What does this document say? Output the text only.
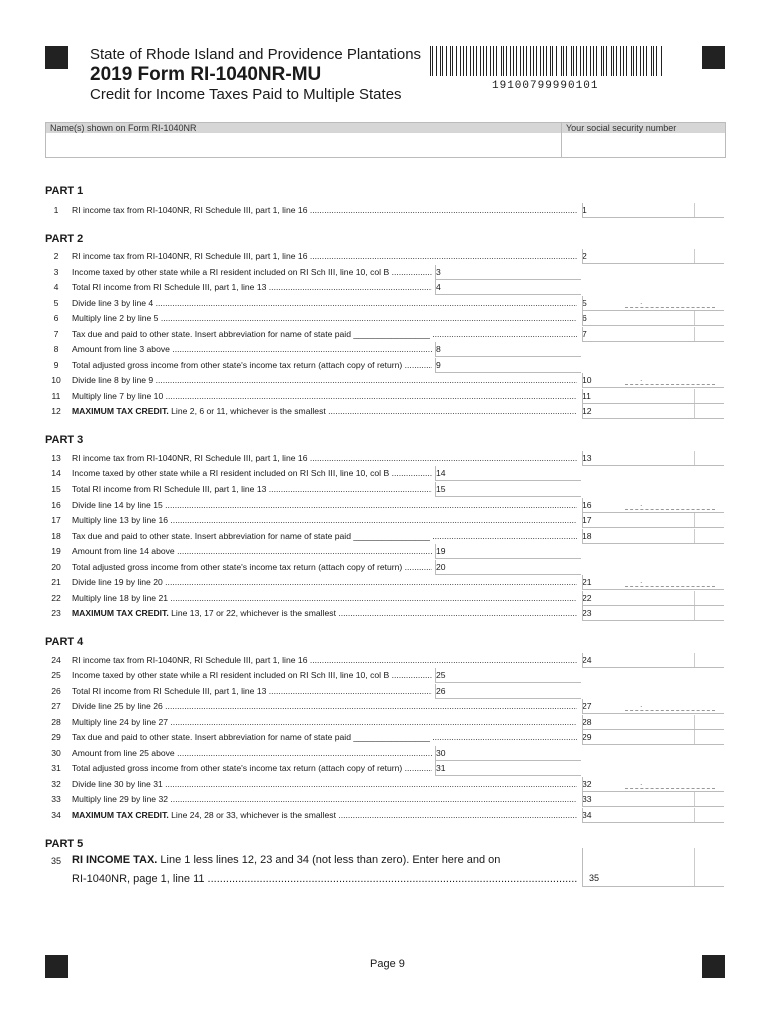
State of Rhode Island and Providence Plantations
2019 Form RI-1040NR-MU
Credit for Income Taxes Paid to Multiple States	19100799990101
Name(s) shown on Form RI-1040NR	Your social security number
PART 1
PART 2
PART 3
PART 4
PART 5
1	RI income tax from RI-1040NR, RI Schedule III, part 1, line 16 .....	1
2	RI income tax from RI-1040NR, RI Schedule III, part 1, line 16 .....	2
3	Income taxed by other state while a RI resident included on RI Sch III, line 10, col B .....	3
4	Total RI income from RI Schedule III, part 1, line 13 .....	4
5	Divide line 3 by line 4 .....	5	.
6	Multiply line 2 by line 5 .....	6
7	Tax due and paid to other state. Insert abbreviation for name of state paid ________________ .....	7
8	Amount from line 3 above .....	8
9	Total adjusted gross income from other state's income tax return (attach copy of return) .....	9
10	Divide line 8 by line 9 .....	10	.
11	Multiply line 7 by line 10 .....	11
12	MAXIMUM TAX CREDIT. Line 2, 6 or 11, whichever is the smallest .....	12
13	RI income tax from RI-1040NR, RI Schedule III, part 1, line 16 .....	13
14	Income taxed by other state while a RI resident included on RI Sch III, line 10, col B .....	14
15	Total RI income from RI Schedule III, part 1, line 13 .....	15
16	Divide line 14 by line 15 .....	16	.
17	Multiply line 13 by line 16 .....	17
18	Tax due and paid to other state. Insert abbreviation for name of state paid ________________ .....	18
19	Amount from line 14 above .....	19
20	Total adjusted gross income from other state's income tax return (attach copy of return) .....	20
21	Divide line 19 by line 20 .....	21	.
22	Multiply line 18 by line 21 .....	22
23	MAXIMUM TAX CREDIT. Line 13, 17 or 22, whichever is the smallest .....	23
24	RI income tax from RI-1040NR, RI Schedule III, part 1, line 16 .....	24
25	Income taxed by other state while a RI resident included on RI Sch III, line 10, col B .....	25
26	Total RI income from RI Schedule III, part 1, line 13 .....	26
27	Divide line 25 by line 26 .....	27	.
28	Multiply line 24 by line 27 .....	28
29	Tax due and paid to other state. Insert abbreviation for name of state paid ________________ .....	29
30	Amount from line 25 above .....	30
31	Total adjusted gross income from other state's income tax return (attach copy of return) .....	31
32	Divide line 30 by line 31 .....	32	.
33	Multiply line 29 by line 32 .....	33
34	MAXIMUM TAX CREDIT. Line 24, 28 or 33, whichever is the smallest .....	34
35	RI INCOME TAX. Line 1 less lines 12, 23 and 34 (not less than zero). Enter here and on
RI-1040NR, page 1, line 11 .....	35
Page 9
